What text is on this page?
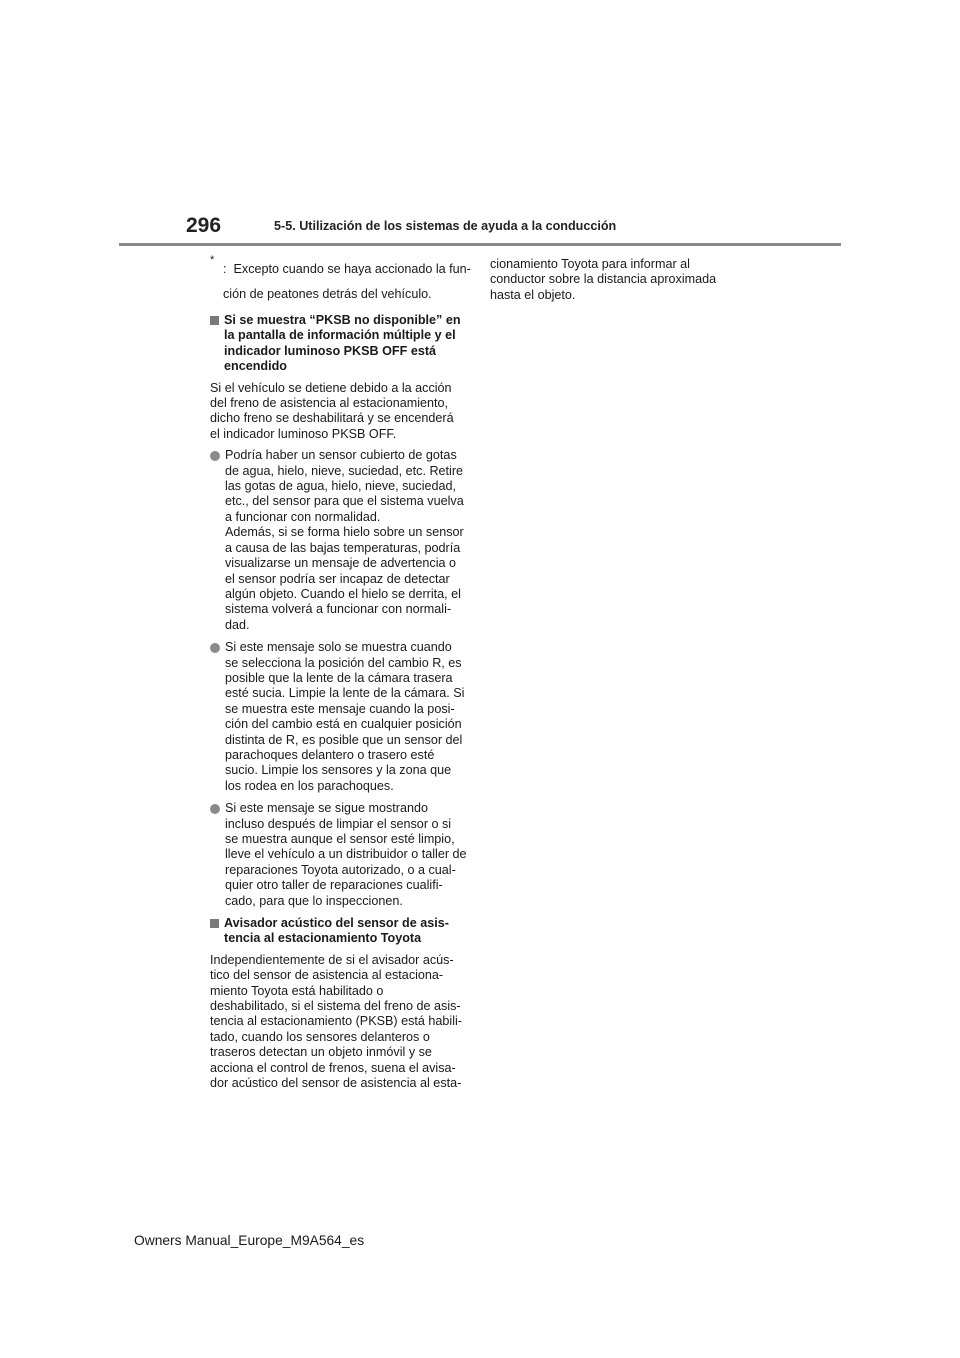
296	5-5. Utilización de los sistemas de ayuda a la conducción
*
: Excepto cuando se haya accionado la fun-
ción de peatones detrás del vehículo.
Si se muestra “PKSB no disponible” en
la pantalla de información múltiple y el
indicador luminoso PKSB OFF está
encendido
Si el vehículo se detiene debido a la acción
del freno de asistencia al estacionamiento,
dicho freno se deshabilitará y se encenderá
el indicador luminoso PKSB OFF.
Podría haber un sensor cubierto de gotas
de agua, hielo, nieve, suciedad, etc. Retire
las gotas de agua, hielo, nieve, suciedad,
etc., del sensor para que el sistema vuelva
a funcionar con normalidad.
Además, si se forma hielo sobre un sensor
a causa de las bajas temperaturas, podría
visualizarse un mensaje de advertencia o
el sensor podría ser incapaz de detectar
algún objeto. Cuando el hielo se derrita, el
sistema volverá a funcionar con normali-
dad.
Si este mensaje solo se muestra cuando
se selecciona la posición del cambio R, es
posible que la lente de la cámara trasera
esté sucia. Limpie la lente de la cámara. Si
se muestra este mensaje cuando la posi-
ción del cambio está en cualquier posición
distinta de R, es posible que un sensor del
parachoques delantero o trasero esté
sucio. Limpie los sensores y la zona que
los rodea en los parachoques.
Si este mensaje se sigue mostrando
incluso después de limpiar el sensor o si
se muestra aunque el sensor esté limpio,
lleve el vehículo a un distribuidor o taller de
reparaciones Toyota autorizado, o a cual-
quier otro taller de reparaciones cualifi-
cado, para que lo inspeccionen.
Avisador acústico del sensor de asis-
tencia al estacionamiento Toyota
Independientemente de si el avisador acús-
tico del sensor de asistencia al estaciona-
miento Toyota está habilitado o
deshabilitado, si el sistema del freno de asis-
tencia al estacionamiento (PKSB) está habili-
tado, cuando los sensores delanteros o
traseros detectan un objeto inmóvil y se
acciona el control de frenos, suena el avisa-
dor acústico del sensor de asistencia al esta-
cionamiento Toyota para informar al
conductor sobre la distancia aproximada
hasta el objeto.
Owners Manual_Europe_M9A564_es
